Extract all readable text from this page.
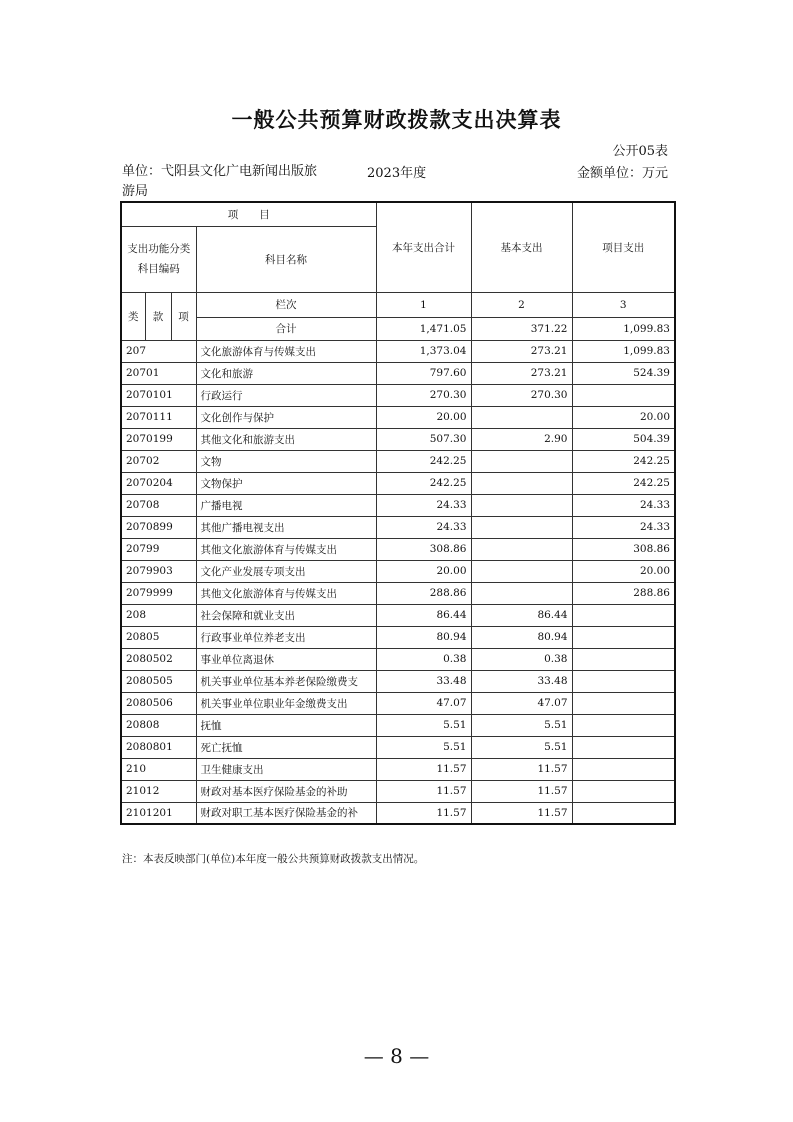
一般公共预算财政拨款支出决算表
公开05表
单位：弋阳县文化广电新闻出版旅
游局
2023年度	金额单位：万元
项　　目				本年支出合计	基本支出	项目支出
支出功能分类科目编码			科目名称			

类	款	项	栏次	1	2	3
			合计	1,471.05	371.22	1,099.83
207			文化旅游体育与传媒支出	1,373.04	273.21	1,099.83
20701			文化和旅游	797.60	273.21	524.39
2070101			行政运行	270.30	270.30	
2070111			文化创作与保护	20.00		20.00
2070199			其他文化和旅游支出	507.30	2.90	504.39
20702			文物	242.25		242.25
2070204			文物保护	242.25		242.25
20708			广播电视	24.33		24.33
2070899			其他广播电视支出	24.33		24.33
20799			其他文化旅游体育与传媒支出	308.86		308.86
2079903			文化产业发展专项支出	20.00		20.00
2079999			其他文化旅游体育与传媒支出	288.86		288.86
208			社会保障和就业支出	86.44	86.44	
20805			行政事业单位养老支出	80.94	80.94	
2080502			事业单位离退休	0.38	0.38	
2080505			机关事业单位基本养老保险缴费支	33.48	33.48	
2080506			机关事业单位职业年金缴费支出	47.07	47.07	
20808			抚恤	5.51	5.51	
2080801			死亡抚恤	5.51	5.51	
210			卫生健康支出	11.57	11.57	
21012			财政对基本医疗保险基金的补助	11.57	11.57	
2101201			财政对职工基本医疗保险基金的补	11.57	11.57	
注：本表反映部门(单位)本年度一般公共预算财政拨款支出情况。
— 8 —
